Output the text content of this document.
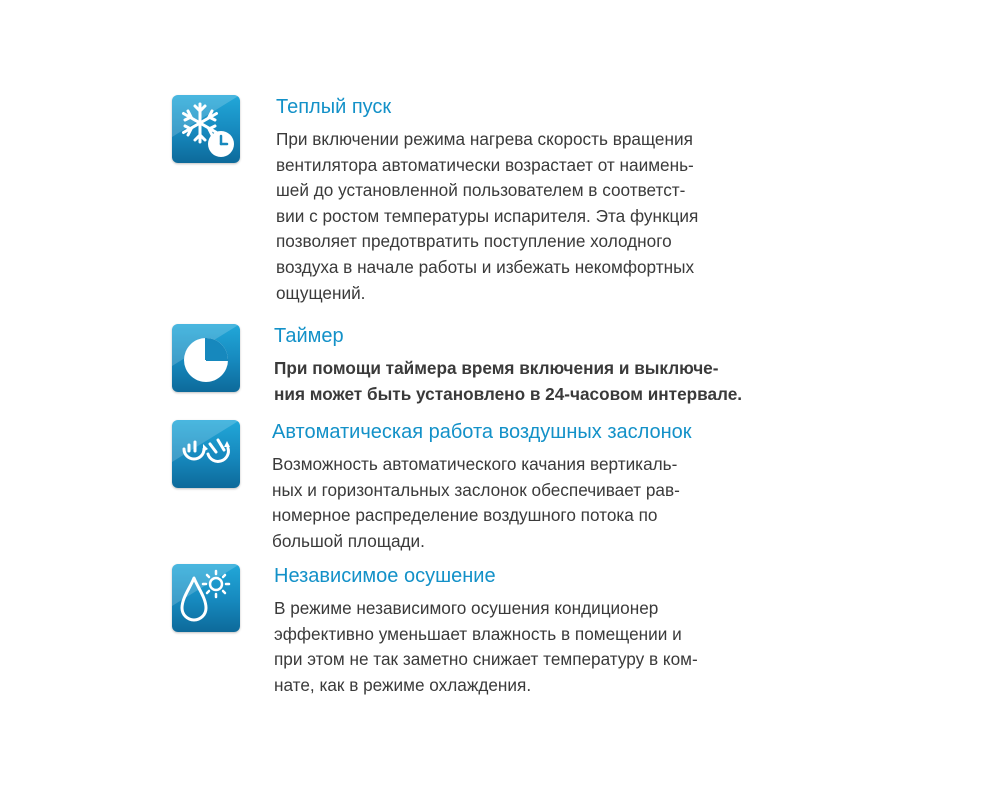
Теплый пуск

При включении режима нагрева скорость вращения
вентилятора автоматически возрастает от наимень-
шей до установленной пользователем в соответст-
вии с ростом температуры испарителя. Эта функция
позволяет предотвратить поступление холодного
воздуха в начале работы и избежать некомфортных
ощущений.

Таймер

При помощи таймера время включения и выключе-
ния может быть установлено в 24-часовом интервале.

Автоматическая работа воздушных заслонок

Возможность автоматического качания вертикаль-
ных и горизонтальных заслонок обеспечивает рав-
номерное распределение воздушного потока по
большой площади.

Независимое осушение

В режиме независимого осушения кондиционер
эффективно уменьшает влажность в помещении и
при этом не так заметно снижает температуру в ком-
нате, как в режиме охлаждения.
